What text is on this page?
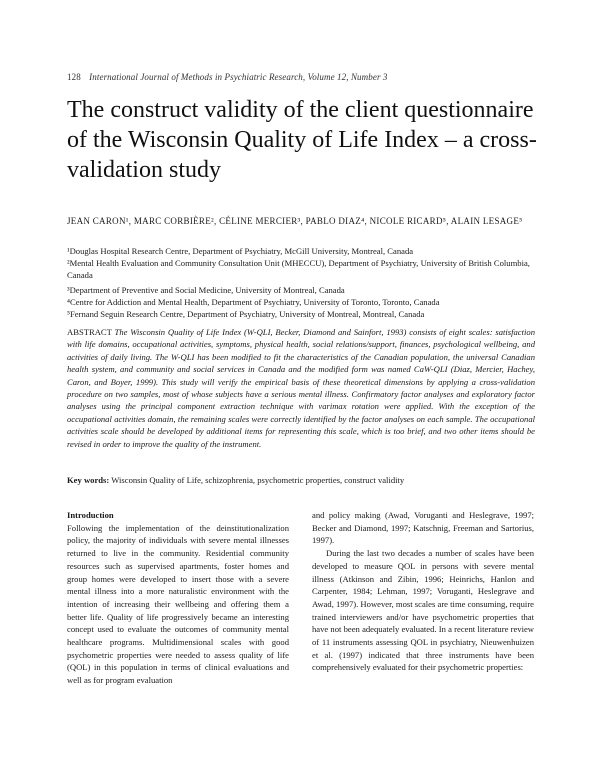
128 International Journal of Methods in Psychiatric Research, Volume 12, Number 3
The construct validity of the client questionnaire of the Wisconsin Quality of Life Index – a cross-validation study
JEAN CARON¹, MARC CORBIÈRE², CÉLINE MERCIER³, PABLO DIAZ⁴, NICOLE RICARD⁵, ALAIN LESAGE⁵

¹Douglas Hospital Research Centre, Department of Psychiatry, McGill University, Montreal, Canada

²Mental Health Evaluation and Community Consultation Unit (MHECCU), Department of Psychiatry, University of British Columbia, Canada

³Department of Preventive and Social Medicine, University of Montreal, Canada

⁴Centre for Addiction and Mental Health, Department of Psychiatry, University of Toronto, Toronto, Canada

⁵Fernand Seguin Research Centre, Department of Psychiatry, University of Montreal, Montreal, Canada

ABSTRACT The Wisconsin Quality of Life Index (W-QLI, Becker, Diamond and Sainfort, 1993) consists of eight scales: satisfaction with life domains, occupational activities, symptoms, physical health, social relations/support, finances, psychological wellbeing, and activities of daily living. The W-QLI has been modified to fit the characteristics of the Canadian population, the universal Canadian health system, and community and social services in Canada and the modified form was named CaW-QLI (Diaz, Mercier, Hachey, Caron, and Boyer, 1999). This study will verify the empirical basis of these theoretical dimensions by applying a cross-validation procedure on two samples, most of whose subjects have a serious mental illness. Confirmatory factor analyses and exploratory factor analyses using the principal component extraction technique with varimax rotation were applied. With the exception of the occupational activities domain, the remaining scales were correctly identified by the factor analyses on each sample. The occupational activities scale should be developed by additional items for representing this scale, which is too brief, and two other items should be revised in order to improve the quality of the instrument.
Key words: Wisconsin Quality of Life, schizophrenia, psychometric properties, construct validity

Introduction

Following the implementation of the deinstitutionalization policy, the majority of individuals with severe mental illnesses returned to live in the community. Residential community resources such as supervised apartments, foster homes and group homes were developed to insert those with a severe mental illness into a more naturalistic environment with the intention of increasing their wellbeing and offering them a better life. Quality of life progressively became an interesting concept used to evaluate the outcomes of community mental healthcare programs. Multidimensional scales with good psychometric properties were needed to assess quality of life (QOL) in this population in terms of clinical evaluations and well as for program evaluation

and policy making (Awad, Voruganti and Heslegrave, 1997; Becker and Diamond, 1997; Katschnig, Freeman and Sartorius, 1997).

During the last two decades a number of scales have been developed to measure QOL in persons with severe mental illness (Atkinson and Zibin, 1996; Heinrichs, Hanlon and Carpenter, 1984; Lehman, 1997; Voruganti, Heslegrave and Awad, 1997). However, most scales are time consuming, require trained interviewers and/or have psychometric properties that have not been adequately evaluated. In a recent literature review of 11 instruments assessing QOL in psychiatry, Nieuwenhuizen et al. (1997) indicated that three instruments have been comprehensively evaluated for their psychometric properties:
